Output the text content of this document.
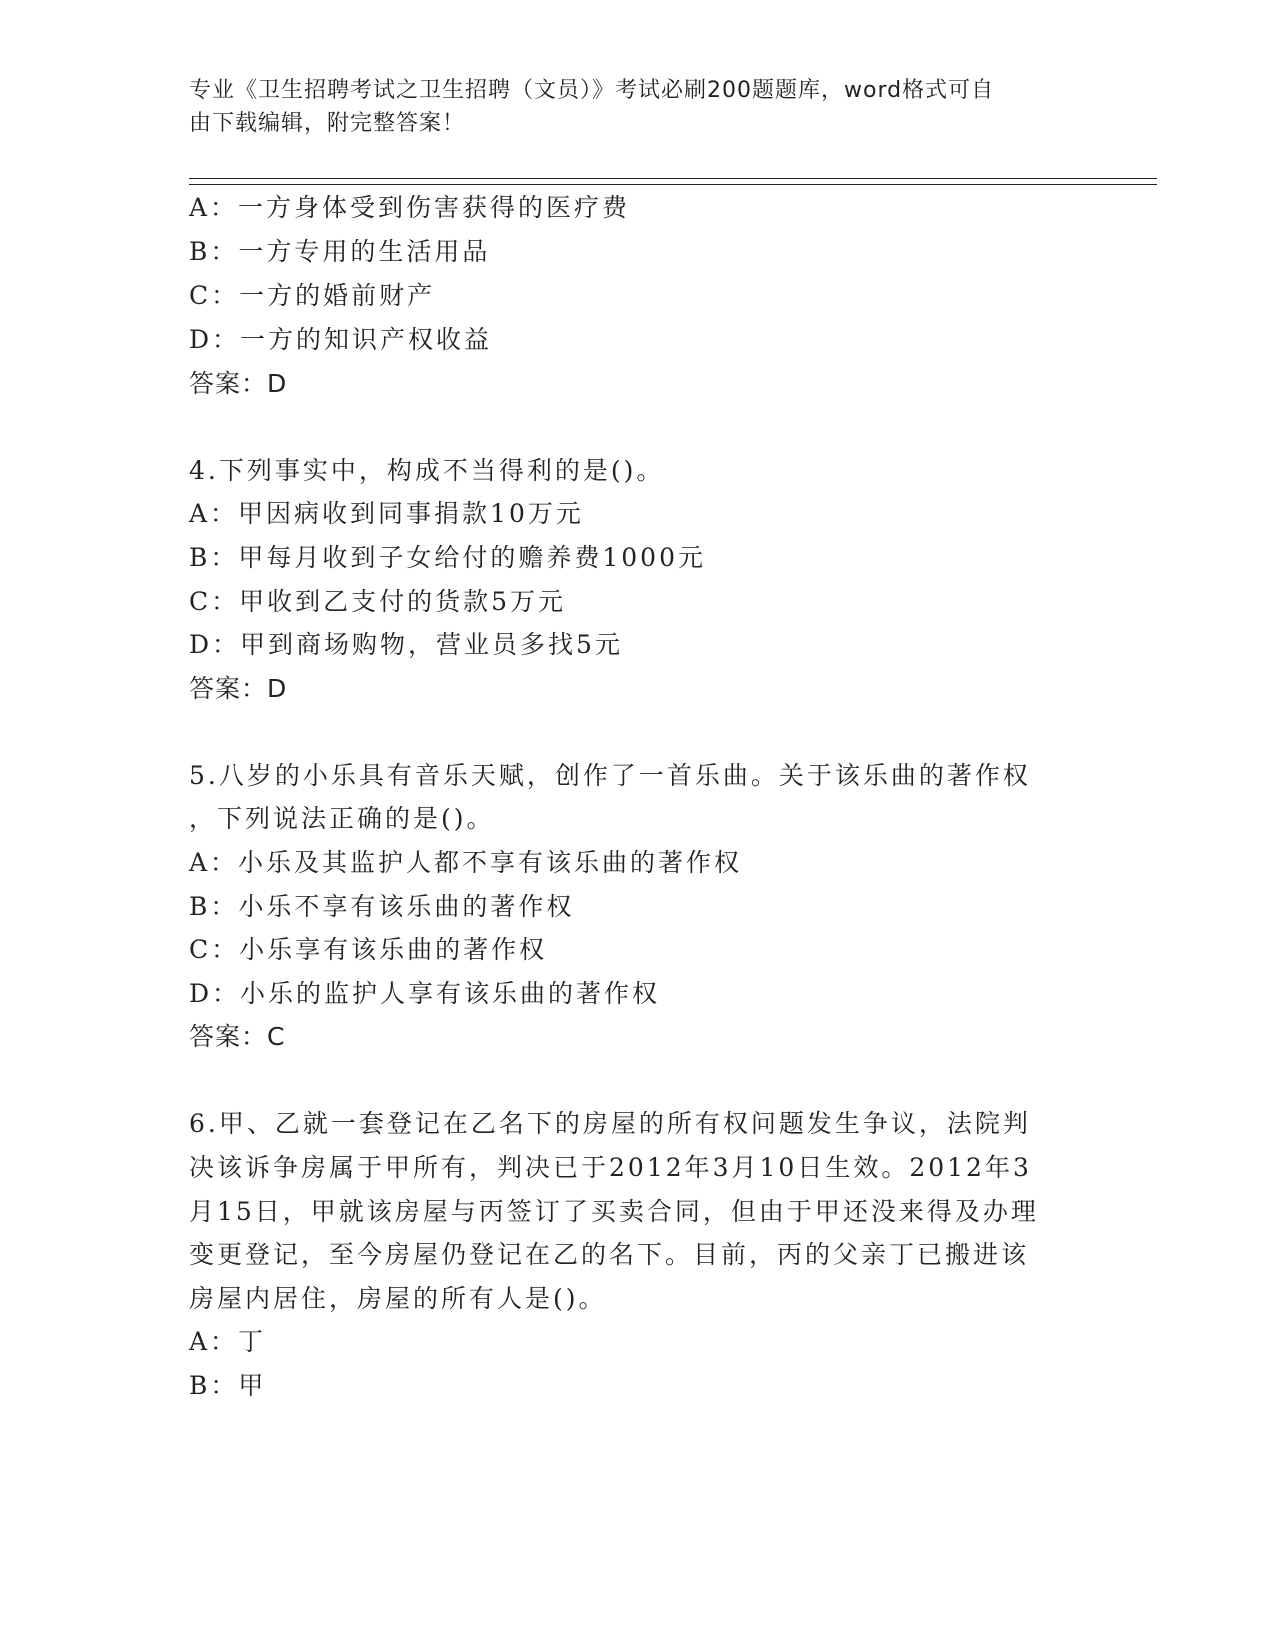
专业《卫生招聘考试之卫生招聘（文员）》考试必刷200题题库，word格式可自
由下载编辑，附完整答案！
A：一方身体受到伤害获得的医疗费
B：一方专用的生活用品
C：一方的婚前财产
D：一方的知识产权收益
答案：D
4.下列事实中，构成不当得利的是()。
A：甲因病收到同事捐款10万元
B：甲每月收到子女给付的赡养费1000元
C：甲收到乙支付的货款5万元
D：甲到商场购物，营业员多找5元
答案：D
5.八岁的小乐具有音乐天赋，创作了一首乐曲。关于该乐曲的著作权
，下列说法正确的是()。
A：小乐及其监护人都不享有该乐曲的著作权
B：小乐不享有该乐曲的著作权
C：小乐享有该乐曲的著作权
D：小乐的监护人享有该乐曲的著作权
答案：C
6.甲、乙就一套登记在乙名下的房屋的所有权问题发生争议，法院判
决该诉争房属于甲所有，判决已于2012年3月10日生效。2012年3
月15日，甲就该房屋与丙签订了买卖合同，但由于甲还没来得及办理
变更登记，至今房屋仍登记在乙的名下。目前，丙的父亲丁已搬进该
房屋内居住，房屋的所有人是()。
A：丁
B：甲
